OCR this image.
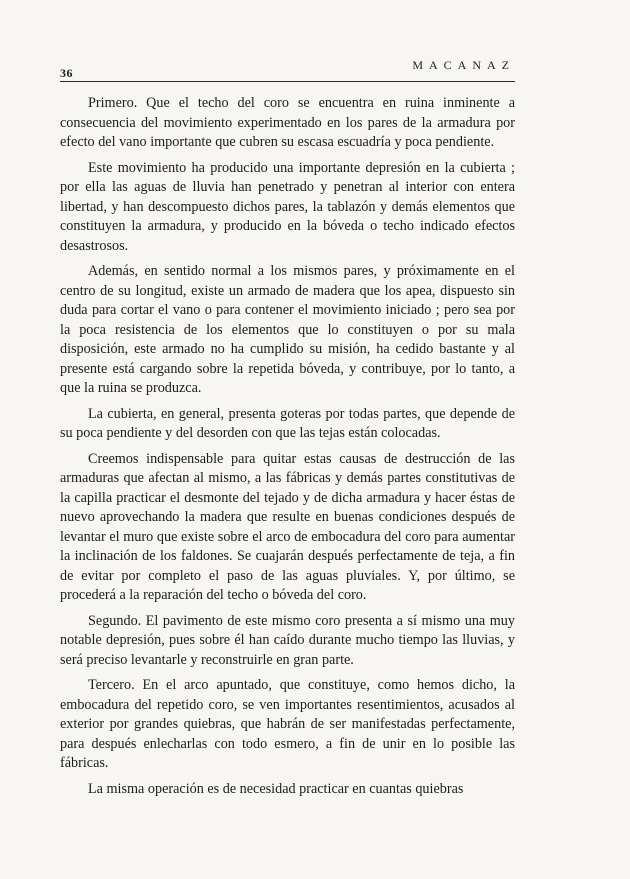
36
MACANAZ

Primero. Que el techo del coro se encuentra en ruina inminente a consecuencia del movimiento experimentado en los pares de la armadura por efecto del vano importante que cubren su escasa escuadría y poca pendiente.

Este movimiento ha producido una importante depresión en la cubierta ; por ella las aguas de lluvia han penetrado y penetran al interior con entera libertad, y han descompuesto dichos pares, la tablazón y demás elementos que constituyen la armadura, y producido en la bóveda o techo indicado efectos desastrosos.

Además, en sentido normal a los mismos pares, y próximamente en el centro de su longitud, existe un armado de madera que los apea, dispuesto sin duda para cortar el vano o para contener el movimiento iniciado ; pero sea por la poca resistencia de los elementos que lo constituyen o por su mala disposición, este armado no ha cumplido su misión, ha cedido bastante y al presente está cargando sobre la repetida bóveda, y contribuye, por lo tanto, a que la ruina se produzca.

La cubierta, en general, presenta goteras por todas partes, que depende de su poca pendiente y del desorden con que las tejas están colocadas.

Creemos indispensable para quitar estas causas de destrucción de las armaduras que afectan al mismo, a las fábricas y demás partes constitutivas de la capilla practicar el desmonte del tejado y de dicha armadura y hacer éstas de nuevo aprovechando la madera que resulte en buenas condiciones después de levantar el muro que existe sobre el arco de embocadura del coro para aumentar la inclinación de los faldones. Se cuajarán después perfectamente de teja, a fin de evitar por completo el paso de las aguas pluviales. Y, por último, se procederá a la reparación del techo o bóveda del coro.

Segundo. El pavimento de este mismo coro presenta a sí mismo una muy notable depresión, pues sobre él han caído durante mucho tiempo las lluvias, y será preciso levantarle y reconstruirle en gran parte.

Tercero. En el arco apuntado, que constituye, como hemos dicho, la embocadura del repetido coro, se ven importantes resentimientos, acusados al exterior por grandes quiebras, que habrán de ser manifestadas perfectamente, para después enlecharlas con todo esmero, a fin de unir en lo posible las fábricas.

La misma operación es de necesidad practicar en cuantas quiebras
